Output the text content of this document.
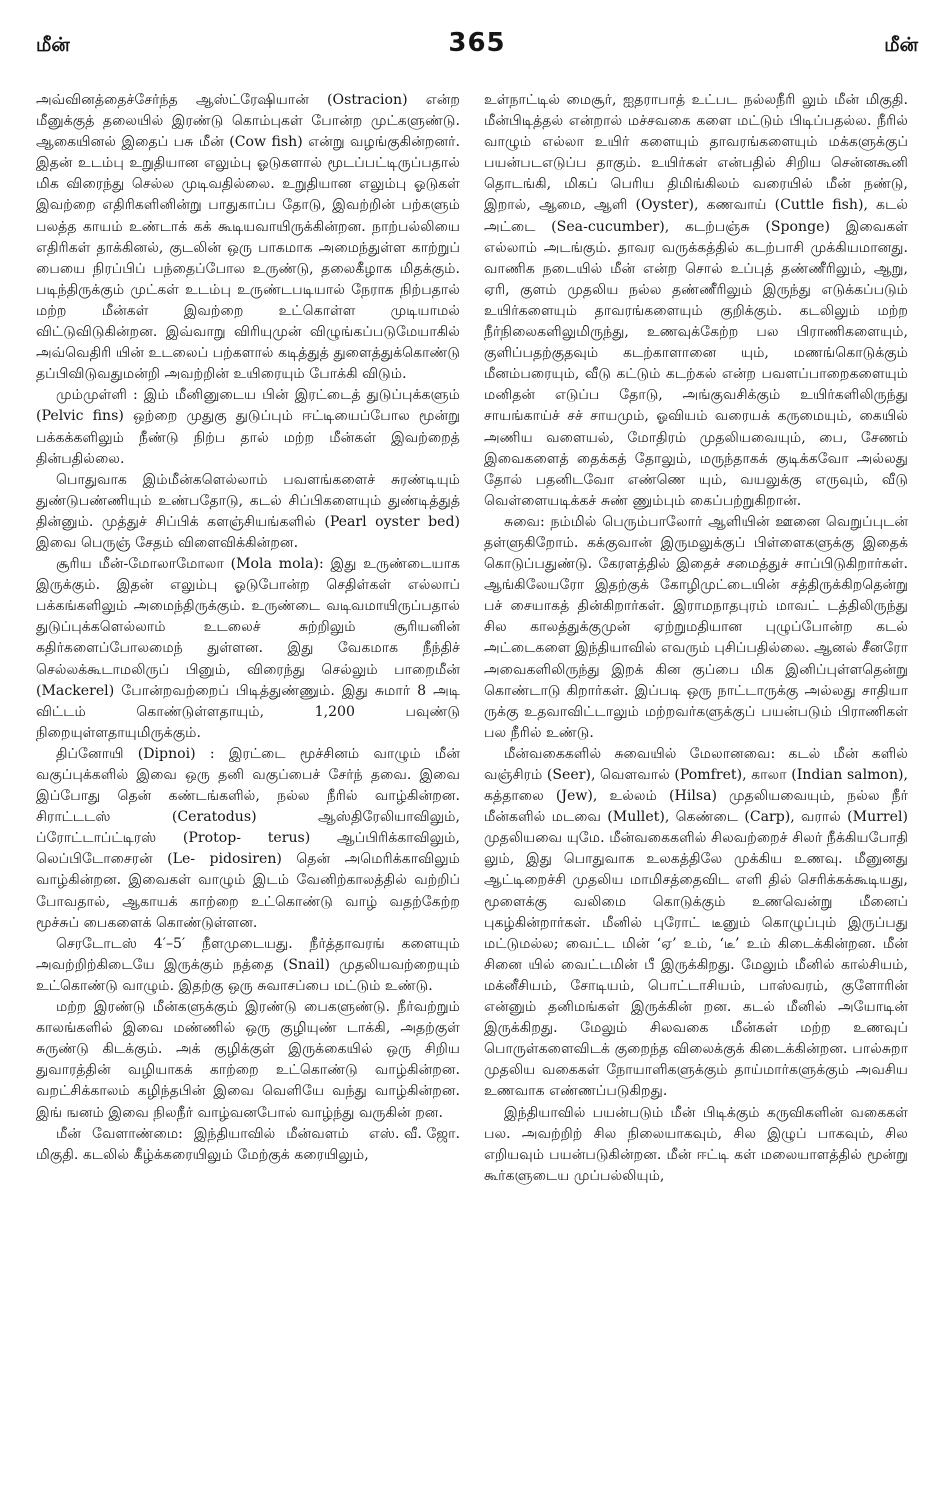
மீன்	365	மீன்

அவ்வினத்தைச்சேர்ந்த ஆஸ்ட்ரேஷியான் (Ostracion) என்ற மீனுக்குத் தலையில் இரண்டு கொம்புகள் போன்ற முட்களுண்டு. ஆகையினல் இதைப் பசு மீன் (Cow fish) என்று வழங்குகின்றனர். இதன் உடம்பு உறுதியான எலும்பு ஓடுகளால் மூடப்பட்டிருப்பதால் மிக விரைந்து செல்ல முடிவதில்லை. உறுதியான எலும்பு ஓடுகள் இவற்றை எதிரிகளினின்று பாதுகாப்ப தோடு, இவற்றின் பற்களும் பலத்த காயம் உண்டாக் கக் கூடியவாயிருக்கின்றன. நாற்பல்லியை எதிரிகள் தாக்கினல், குடலின் ஒரு பாகமாக அமைந்துள்ள காற்றுப் பையை நிரப்பிப் பந்தைப்போல உருண்டு, தலைகீழாக மிதக்கும். படிந்திருக்கும் முட்கள் உடம்பு உருண்டபடியால் நேராக நிற்பதால் மற்ற மீன்கள் இவற்றை உட்கொள்ள முடியாமல் விட்டுவிடுகின்றன. இவ்வாறு விரியுமுன் விழுங்கப்படுமேயாகில் அவ்வெதிரி யின் உடலைப் பற்களால் கடித்துத் துளைத்துக்கொண்டு தப்பிவிடுவதுமன்றி அவற்றின் உயிரையும் போக்கி விடும்.

மும்முள்ளி : இம் மீனினுடைய பின் இரட்டைத் துடுப்புக்களும் (Pelvic fins) ஒற்றை முதுகு துடுப்பும் ஈட்டியைப்போல மூன்று பக்கக்களிலும் நீண்டு நிற்ப தால் மற்ற மீன்கள் இவற்றைத் தின்பதில்லை.

பொதுவாக இம்மீன்களெல்லாம் பவளங்களைச் சுரண்டியும் துண்டுபண்ணியும் உண்பதோடு, கடல் சிப்பிகளையும் துண்டித்துத் தின்னும். முத்துச் சிப்பிக் களஞ்சியங்களில் (Pearl oyster bed) இவை பெருஞ் சேதம் விளைவிக்கின்றன.

சூரிய மீன்-மோலாமோலா (Mola mola): இது உருண்டையாக இருக்கும். இதன் எலும்பு ஓடுபோன்ற செதிள்கள் எல்லாப் பக்கங்களிலும் அமைந்திருக்கும். உருண்டை வடிவமாயிருப்பதால் துடுப்புக்களெல்லாம் உடலைச் சுற்றிலும் சூரியனின் கதிர்களைப்போலமைந் துள்ளன. இது வேகமாக நீந்திச் செல்லக்கூடாமலிருப் பினும், விரைந்து செல்லும் பாறைமீன் (Mackerel) போன்றவற்றைப் பிடித்துண்ணும். இது சுமார் 8 அடி விட்டம் கொண்டுள்ளதாயும், 1,200 பவுண்டு நிறையுள்ளதாயுமிருக்கும்.

திப்னோயி (Dipnoi) : இரட்டை மூச்சினம் வாழும் மீன் வகுப்புக்களில் இவை ஒரு தனி வகுப்பைச் சேர்ந் தவை. இவை இப்போது தென் கண்டங்களில், நல்ல நீரில் வாழ்கின்றன. சிராட்டடஸ் (Ceratodus) ஆஸ்திரேலியாவிலும், ப்ரோட்டாப்ட்டிரஸ் (Protop- terus) ஆப்பிரிக்காவிலும், லெப்பிடோசைரன் (Le- pidosiren) தென் அமெரிக்காவிலும் வாழ்கின்றன. இவைகள் வாழும் இடம் வேனிற்காலத்தில் வற்றிப் போவதால், ஆகாயக் காற்றை உட்கொண்டு வாழ் வதற்கேற்ற மூச்சுப் பைகளைக் கொண்டுள்ளன.

செரடோடஸ் 4′–5′ நீளமுடையது. நீர்த்தாவரங் களையும் அவற்றிற்கிடையே இருக்கும் நத்தை (Snail) முதலியவற்றையும் உட்கொண்டு வாழும். இதற்கு ஒரு சுவாசப்பை மட்டும் உண்டு.

மற்ற இரண்டு மீன்களுக்கும் இரண்டு பைகளுண்டு. நீர்வற்றும் காலங்களில் இவை மண்ணில் ஒரு குழியுண் டாக்கி, அதற்குள் சுருண்டு கிடக்கும். அக் குழிக்குள் இருக்கையில் ஒரு சிறிய துவாரத்தின் வழியாகக் காற்றை உட்கொண்டு வாழ்கின்றன. வறட்சிக்காலம் கழிந்தபின் இவை வெளியே வந்து வாழ்கின்றன. இங் ஙனம் இவை நிலநீர் வாழ்வனபோல் வாழ்ந்து வருகின் றன.
எஸ். வீ. ஜோ.

மீன் வேளாண்மை: இந்தியாவில் மீன்வளம் மிகுதி. கடலில் கீழ்க்கரையிலும் மேற்குக் கரையிலும்,

உள்நாட்டில் மைசூர், ஐதராபாத் உட்பட நல்லநீரி லும் மீன் மிகுதி. மீன்பிடித்தல் என்றால் மச்சவகை களை மட்டும் பிடிப்பதல்ல. நீரில் வாழும் எல்லா உயிர் களையும் தாவரங்களையும் மக்களுக்குப் பயன்படஎடுப்ப தாகும். உயிர்கள் என்பதில் சிறிய சென்னகூனி தொடங்கி, மிகப் பெரிய திமிங்கிலம் வரையில் மீன் நண்டு, இறால், ஆமை, ஆளி (Oyster), கணவாய் (Cuttle fish), கடல் அட்டை (Sea-cucumber), கடற்பஞ்சு (Sponge) இவைகள் எல்லாம் அடங்கும். தாவர வருக்கத்தில் கடற்பாசி முக்கியமானது. வாணிக நடையில் மீன் என்ற சொல் உப்புத் தண்ணீரிலும், ஆறு, ஏரி, குளம் முதலிய நல்ல தண்ணீரிலும் இருந்து எடுக்கப்படும் உயிர்களையும் தாவரங்களையும் குறிக்கும். கடலிலும் மற்ற நீர்நிலைகளிலுமிருந்து, உணவுக்கேற்ற பல பிராணிகளையும், குளிப்பதற்குதவும் கடற்காளானை யும், மணங்கொடுக்கும் மீனம்பரையும், வீடு கட்டும் கடற்கல் என்ற பவளப்பாறைகளையும் மனிதன் எடுப்ப தோடு, அங்குவசிக்கும் உயிர்களிலிருந்து சாயங்காய்ச் சச் சாயமும், ஓவியம் வரையக் கருமையும், கையில் அணிய வளையல், மோதிரம் முதலியவையும், பை, சேணம் இவைகளைத் தைக்கத் தோலும், மருந்தாகக் குடிக்கவோ அல்லது தோல் பதனிடவோ எண்ணெ யும், வயலுக்கு எருவும், வீடு வெள்ளையடிக்கச் சுண் ணும்பும் கைப்பற்றுகிறான்.

சுவை: நம்மில் பெரும்பாலோர் ஆளியின் ஊனை வெறுப்புடன் தள்ளுகிறோம். கக்குவான் இருமலுக்குப் பிள்ளைகளுக்கு இதைக் கொடுப்பதுண்டு. கேரளத்தில் இதைச் சமைத்துச் சாப்பிடுகிறார்கள். ஆங்கிலேயரோ இதற்குக் கோழிமுட்டையின் சத்திருக்கிறதென்று பச் சையாகத் தின்கிறார்கள். இராமநாதபுரம் மாவட் டத்திலிருந்து சில காலத்துக்குமுன் ஏற்றுமதியான புழுப்போன்ற கடல் அட்டைகளை இந்தியாவில் எவரும் புசிப்பதில்லை. ஆனல் சீனரோ அவைகளிலிருந்து இறக் கின குப்பை மிக இனிப்புள்ளதென்று கொண்டாடு கிறார்கள். இப்படி ஒரு நாட்டாருக்கு அல்லது சாதியா ருக்கு உதவாவிட்டாலும் மற்றவர்களுக்குப் பயன்படும் பிராணிகள் பல நீரில் உண்டு.

மீன்வகைகளில் சுவையில் மேலானவை: கடல் மீன் களில் வஞ்சிரம் (Seer), வௌவால் (Pomfret), காலா (Indian salmon), கத்தாலை (Jew), உல்லம் (Hilsa) முதலியவையும், நல்ல நீர் மீன்களில் மடவை (Mullet), கெண்டை (Carp), வரால் (Murrel) முதலியவை யுமே. மீன்வகைகளில் சிலவற்றைச் சிலர் நீக்கியபோதி லும், இது பொதுவாக உலகத்திலே முக்கிய உணவு. மீனுனது ஆட்டிறைச்சி முதலிய மாமிசத்தைவிட எளி தில் செரிக்கக்கூடியது, மூளைக்கு வலிமை கொடுக்கும் உணவென்று மீனைப் புகழ்கின்றார்கள். மீனில் புரோட் டீனும் கொழுப்பும் இருப்பது மட்டுமல்ல; வைட்ட மின் ‘ஏ’ உம், ‘டீ’ உம் கிடைக்கின்றன. மீன் சினை யில் வைட்டமின் பீ இருக்கிறது. மேலும் மீனில் கால்சியம், மக்னீசியம், சோடியம், பொட்டாசியம், பாஸ்வரம், குளோரின் என்னும் தனிமங்கள் இருக்கின் றன. கடல் மீனில் அயோடின் இருக்கிறது. மேலும் சிலவகை மீன்கள் மற்ற உணவுப் பொருள்களைவிடக் குறைந்த விலைக்குக் கிடைக்கின்றன. பால்சுறா முதலிய வகைகள் நோயாளிகளுக்கும் தாய்மார்களுக்கும் அவசிய உணவாக எண்ணப்படுகிறது.

இந்தியாவில் பயன்படும் மீன் பிடிக்கும் கருவிகளின் வகைகள் பல. அவற்றிற் சில நிலையாகவும், சில இழுப் பாகவும், சில எறியவும் பயன்படுகின்றன. மீன் ஈட்டி கள் மலையாளத்தில் மூன்று கூர்களுடைய முப்பல்லியும்,
